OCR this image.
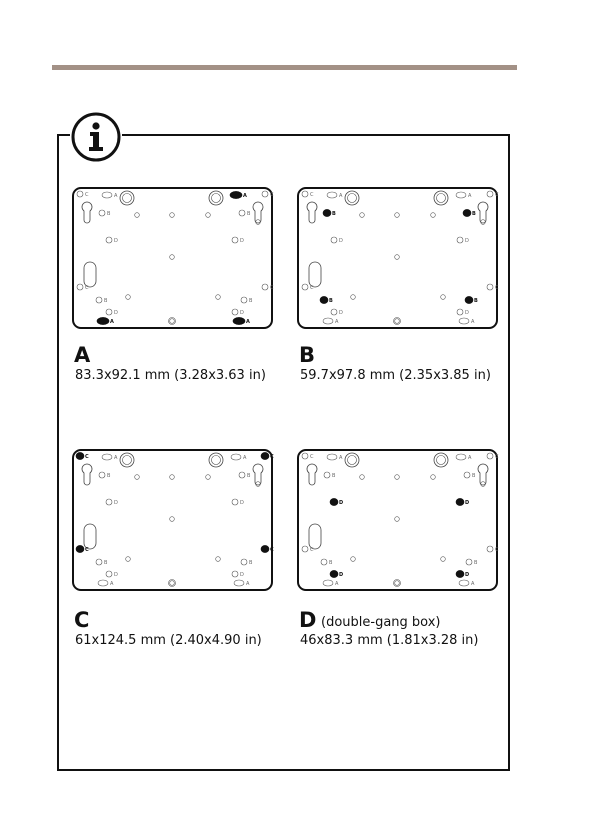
A	A
C	C
B	B
D	D
C	C
B	B
D	D
A	A
A
83.3x92.1 mm (3.28x3.63 in)
A	A
C	C
B	B
D	D
C	C
B	B
D	D
A	A
B
59.7x97.8 mm (2.35x3.85 in)
A	A
C	C
B	B
D	D
C	C
B	B
D	D
A	A
C
61x124.5 mm (2.40x4.90 in)
A	A
C	C
B	B
D	D
C	C
B	B
D	D
A	A
D (double-gang box)
46x83.3 mm (1.81x3.28 in)
